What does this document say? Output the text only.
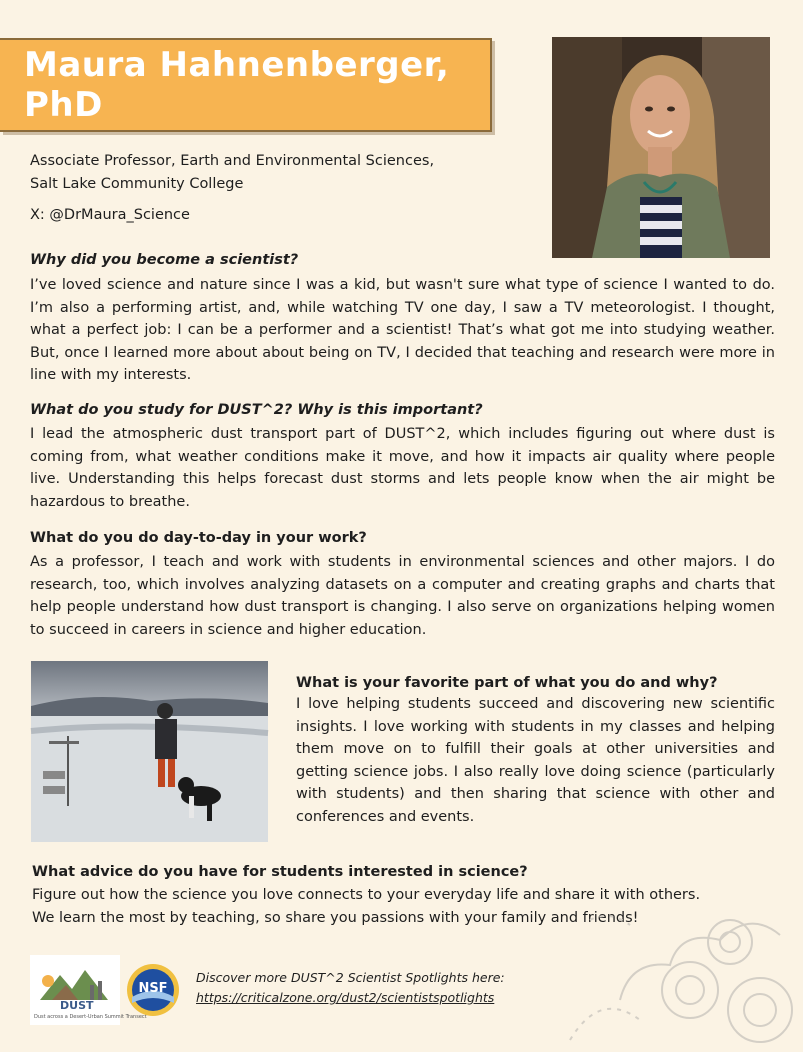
Maura Hahnenberger, PhD
Associate Professor, Earth and Environmental Sciences,
Salt Lake Community College
X: @DrMaura_Science
Why did you become a scientist?
I’ve loved science and nature since I was a kid, but wasn't sure what type of science I wanted to do. I’m also a performing artist, and, while watching TV one day, I saw a TV meteorologist. I thought, what a perfect job: I can be a performer and a scientist! That’s what got me into studying weather. But, once I learned more about about being on TV, I decided that teaching and research were more in line with my interests.
What do you study for DUST^2? Why is this important?
I lead the atmospheric dust transport part of DUST^2, which includes figuring out where dust is coming from, what weather conditions make it move, and how it impacts air quality where people live. Understanding this helps forecast dust storms and lets people know when the air might be hazardous to breathe.
What do you do day-to-day in your work?
As a professor, I teach and work with students in environmental sciences and other majors. I do research, too, which involves analyzing datasets on a computer and creating graphs and charts that help people understand how dust transport is changing. I also serve on organizations helping women to succeed in careers in science and higher education.
What is your favorite part of what you do and why?
I love helping students succeed and discovering new scientific insights. I love working with students in my classes and helping them move on to fulfill their goals at other universities and getting science jobs. I also really love doing science (particularly with students) and then sharing that science with other and conferences and events.
What advice do you have for students interested in science?
Figure out how the science you love connects to your everyday life and share it with others.
We learn the most by teaching, so share you passions with your family and friends!
DUST
Dust across a Desert-Urban Summit Transect
NSF
Discover more DUST^2 Scientist Spotlights here:
https://criticalzone.org/dust2/scientistspotlights
